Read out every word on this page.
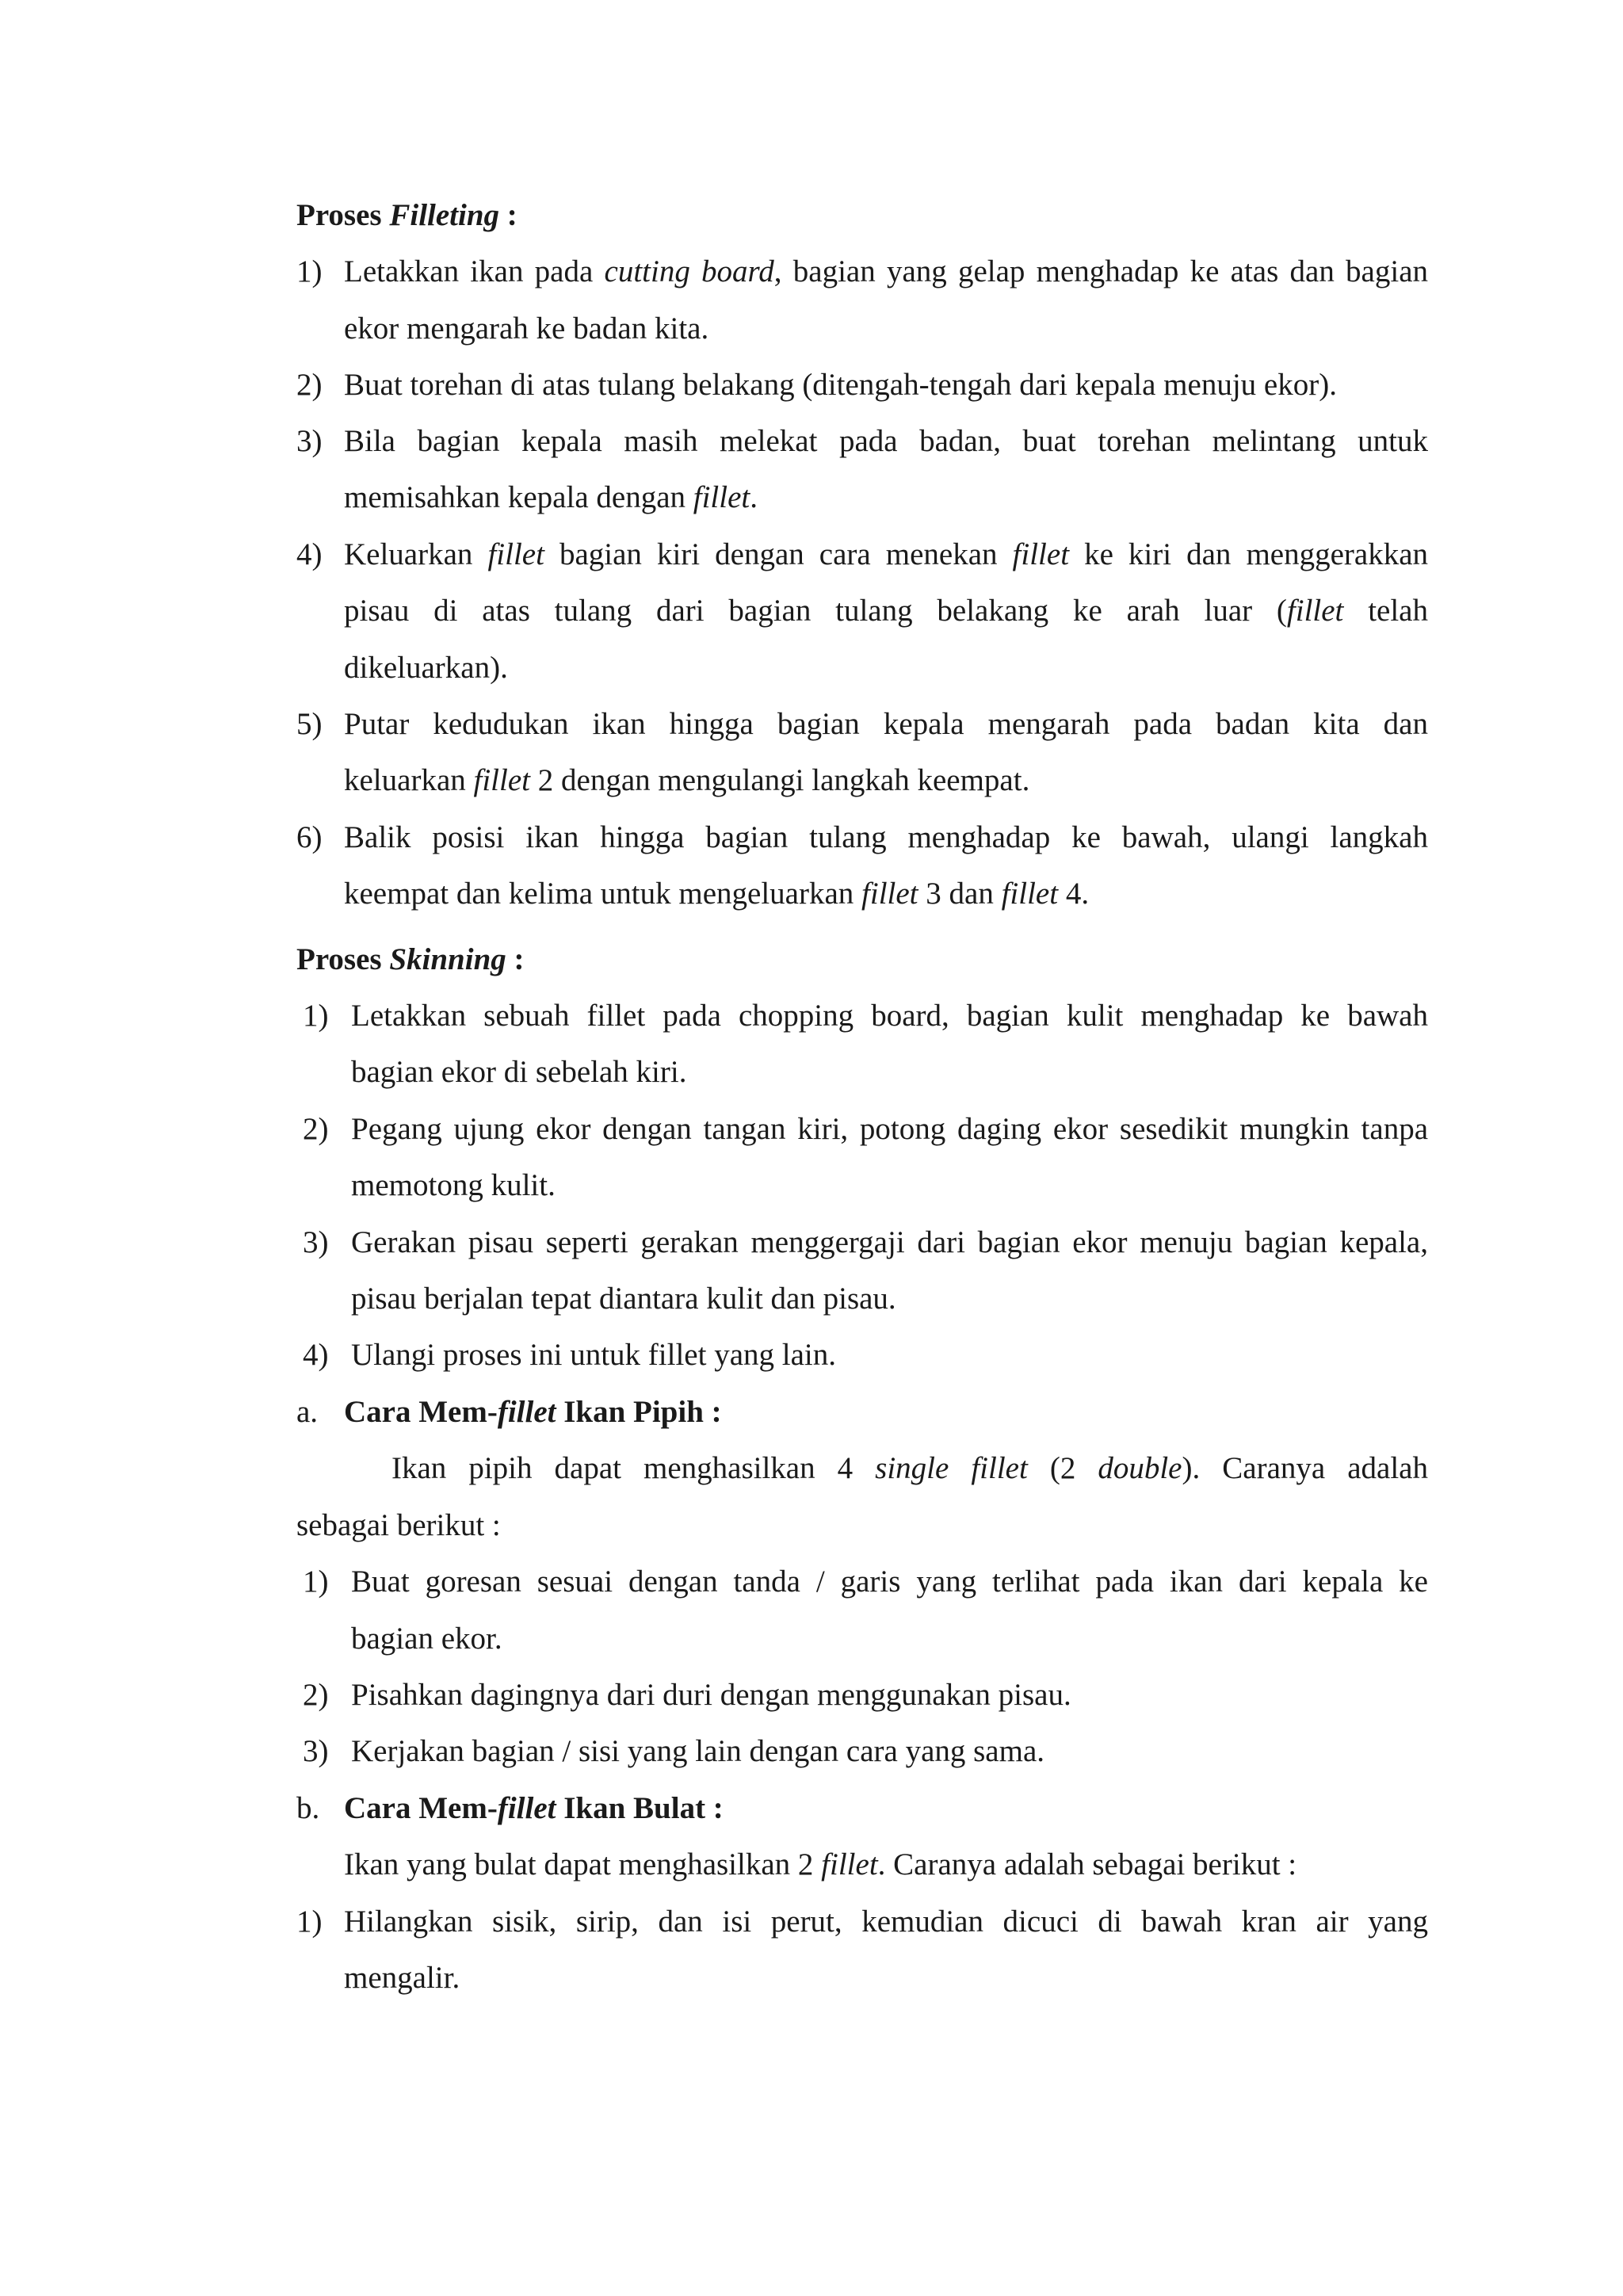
Proses Filleting :
1) Letakkan ikan pada cutting board, bagian yang gelap menghadap ke atas dan bagian
ekor mengarah ke badan kita.
2) Buat torehan di atas tulang belakang (ditengah-tengah dari kepala menuju ekor).
3) Bila bagian kepala masih melekat pada badan, buat torehan melintang untuk
memisahkan kepala dengan fillet.
4) Keluarkan fillet bagian kiri dengan cara menekan fillet ke kiri dan menggerakkan
pisau di atas tulang dari bagian tulang belakang ke arah luar (fillet telah
dikeluarkan).
5) Putar kedudukan ikan hingga bagian kepala mengarah pada badan kita dan
keluarkan fillet 2 dengan mengulangi langkah keempat.
6) Balik posisi ikan hingga bagian tulang menghadap ke bawah, ulangi langkah
keempat dan kelima untuk mengeluarkan fillet 3 dan fillet 4.
Proses Skinning :
1) Letakkan sebuah fillet pada chopping board, bagian kulit menghadap ke bawah
bagian ekor di sebelah kiri.
2) Pegang ujung ekor dengan tangan kiri, potong daging ekor sesedikit mungkin tanpa
memotong kulit.
3) Gerakan pisau seperti gerakan menggergaji dari bagian ekor menuju bagian kepala,
pisau berjalan tepat diantara kulit dan pisau.
4) Ulangi proses ini untuk fillet yang lain.
a. Cara Mem-fillet Ikan Pipih :
Ikan pipih dapat menghasilkan 4 single fillet (2 double). Caranya adalah
sebagai berikut :
1) Buat goresan sesuai dengan tanda / garis yang terlihat pada ikan dari kepala ke
bagian ekor.
2) Pisahkan dagingnya dari duri dengan menggunakan pisau.
3) Kerjakan bagian / sisi yang lain dengan cara yang sama.
b. Cara Mem-fillet Ikan Bulat :
Ikan yang bulat dapat menghasilkan 2 fillet. Caranya adalah sebagai berikut :
1) Hilangkan sisik, sirip, dan isi perut, kemudian dicuci di bawah kran air yang
mengalir.
